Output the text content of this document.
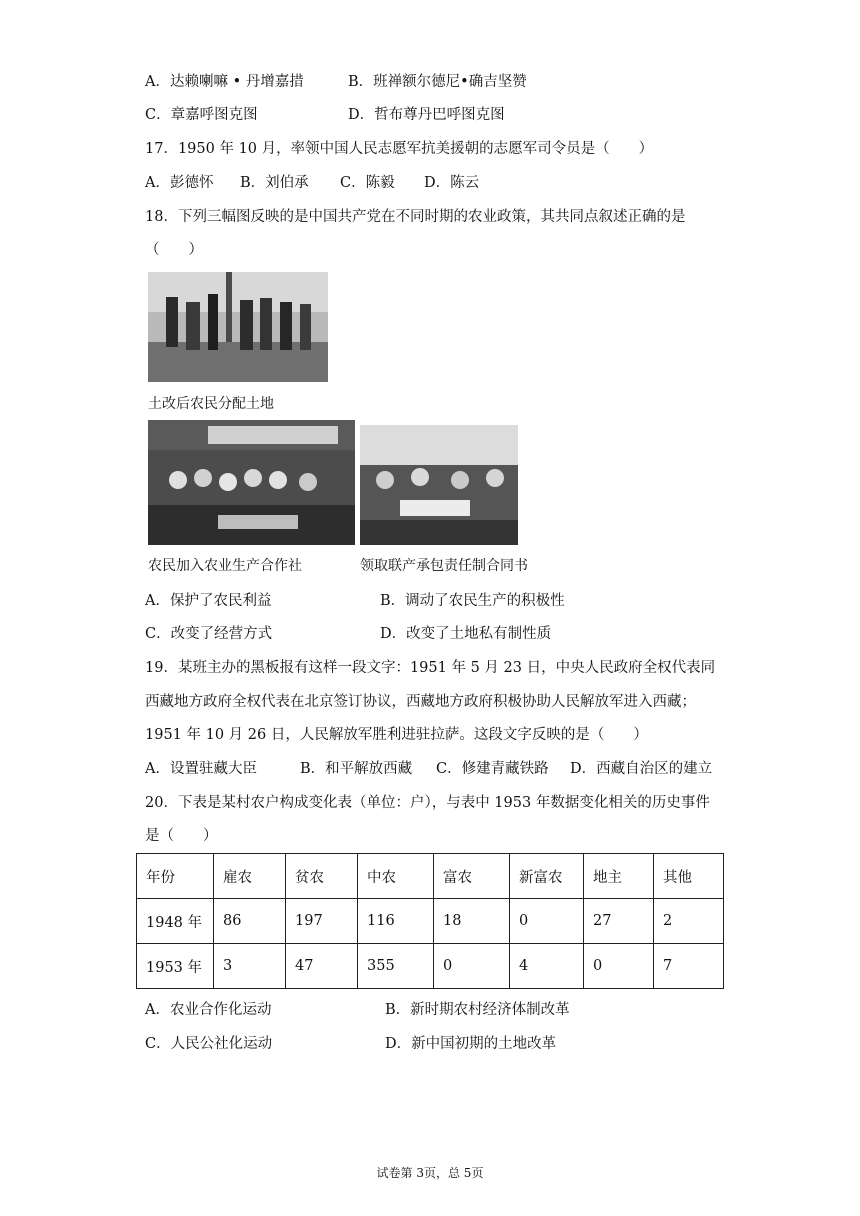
A．达赖喇嘛 • 丹增嘉措	B．班禅额尔德尼•确吉坚赞
C．章嘉呼图克图	D．哲布尊丹巴呼图克图
17．1950 年 10 月，率领中国人民志愿军抗美援朝的志愿军司令员是（　　）
A．彭德怀 B．刘伯承 C．陈毅 D．陈云
18．下列三幅图反映的是中国共产党在不同时期的农业政策，其共同点叙述正确的是
（　　）
土改后农民分配土地
农民加入农业生产合作社	领取联产承包责任制合同书
A．保护了农民利益	B．调动了农民生产的积极性
C．改变了经营方式	D．改变了土地私有制性质
19．某班主办的黑板报有这样一段文字：1951 年 5 月 23 日，中央人民政府全权代表同
西藏地方政府全权代表在北京签订协议，西藏地方政府积极协助人民解放军进入西藏；
1951 年 10 月 26 日，人民解放军胜利进驻拉萨。这段文字反映的是（　　）
A．设置驻藏大臣	B．和平解放西藏 C．修建青藏铁路 D．西藏自治区的建立
20．下表是某村农户构成变化表（单位：户），与表中 1953 年数据变化相关的历史事件
是（　　）
年份	雇农	贫农	中农	富农	新富农	地主	其他
1948 年	86	197	116	18	0	27	2
1953 年	3	47	355	0	4	0	7
A．农业合作化运动	B．新时期农村经济体制改革
C．人民公社化运动	D．新中国初期的土地改革
试卷第 3页，总 5页
